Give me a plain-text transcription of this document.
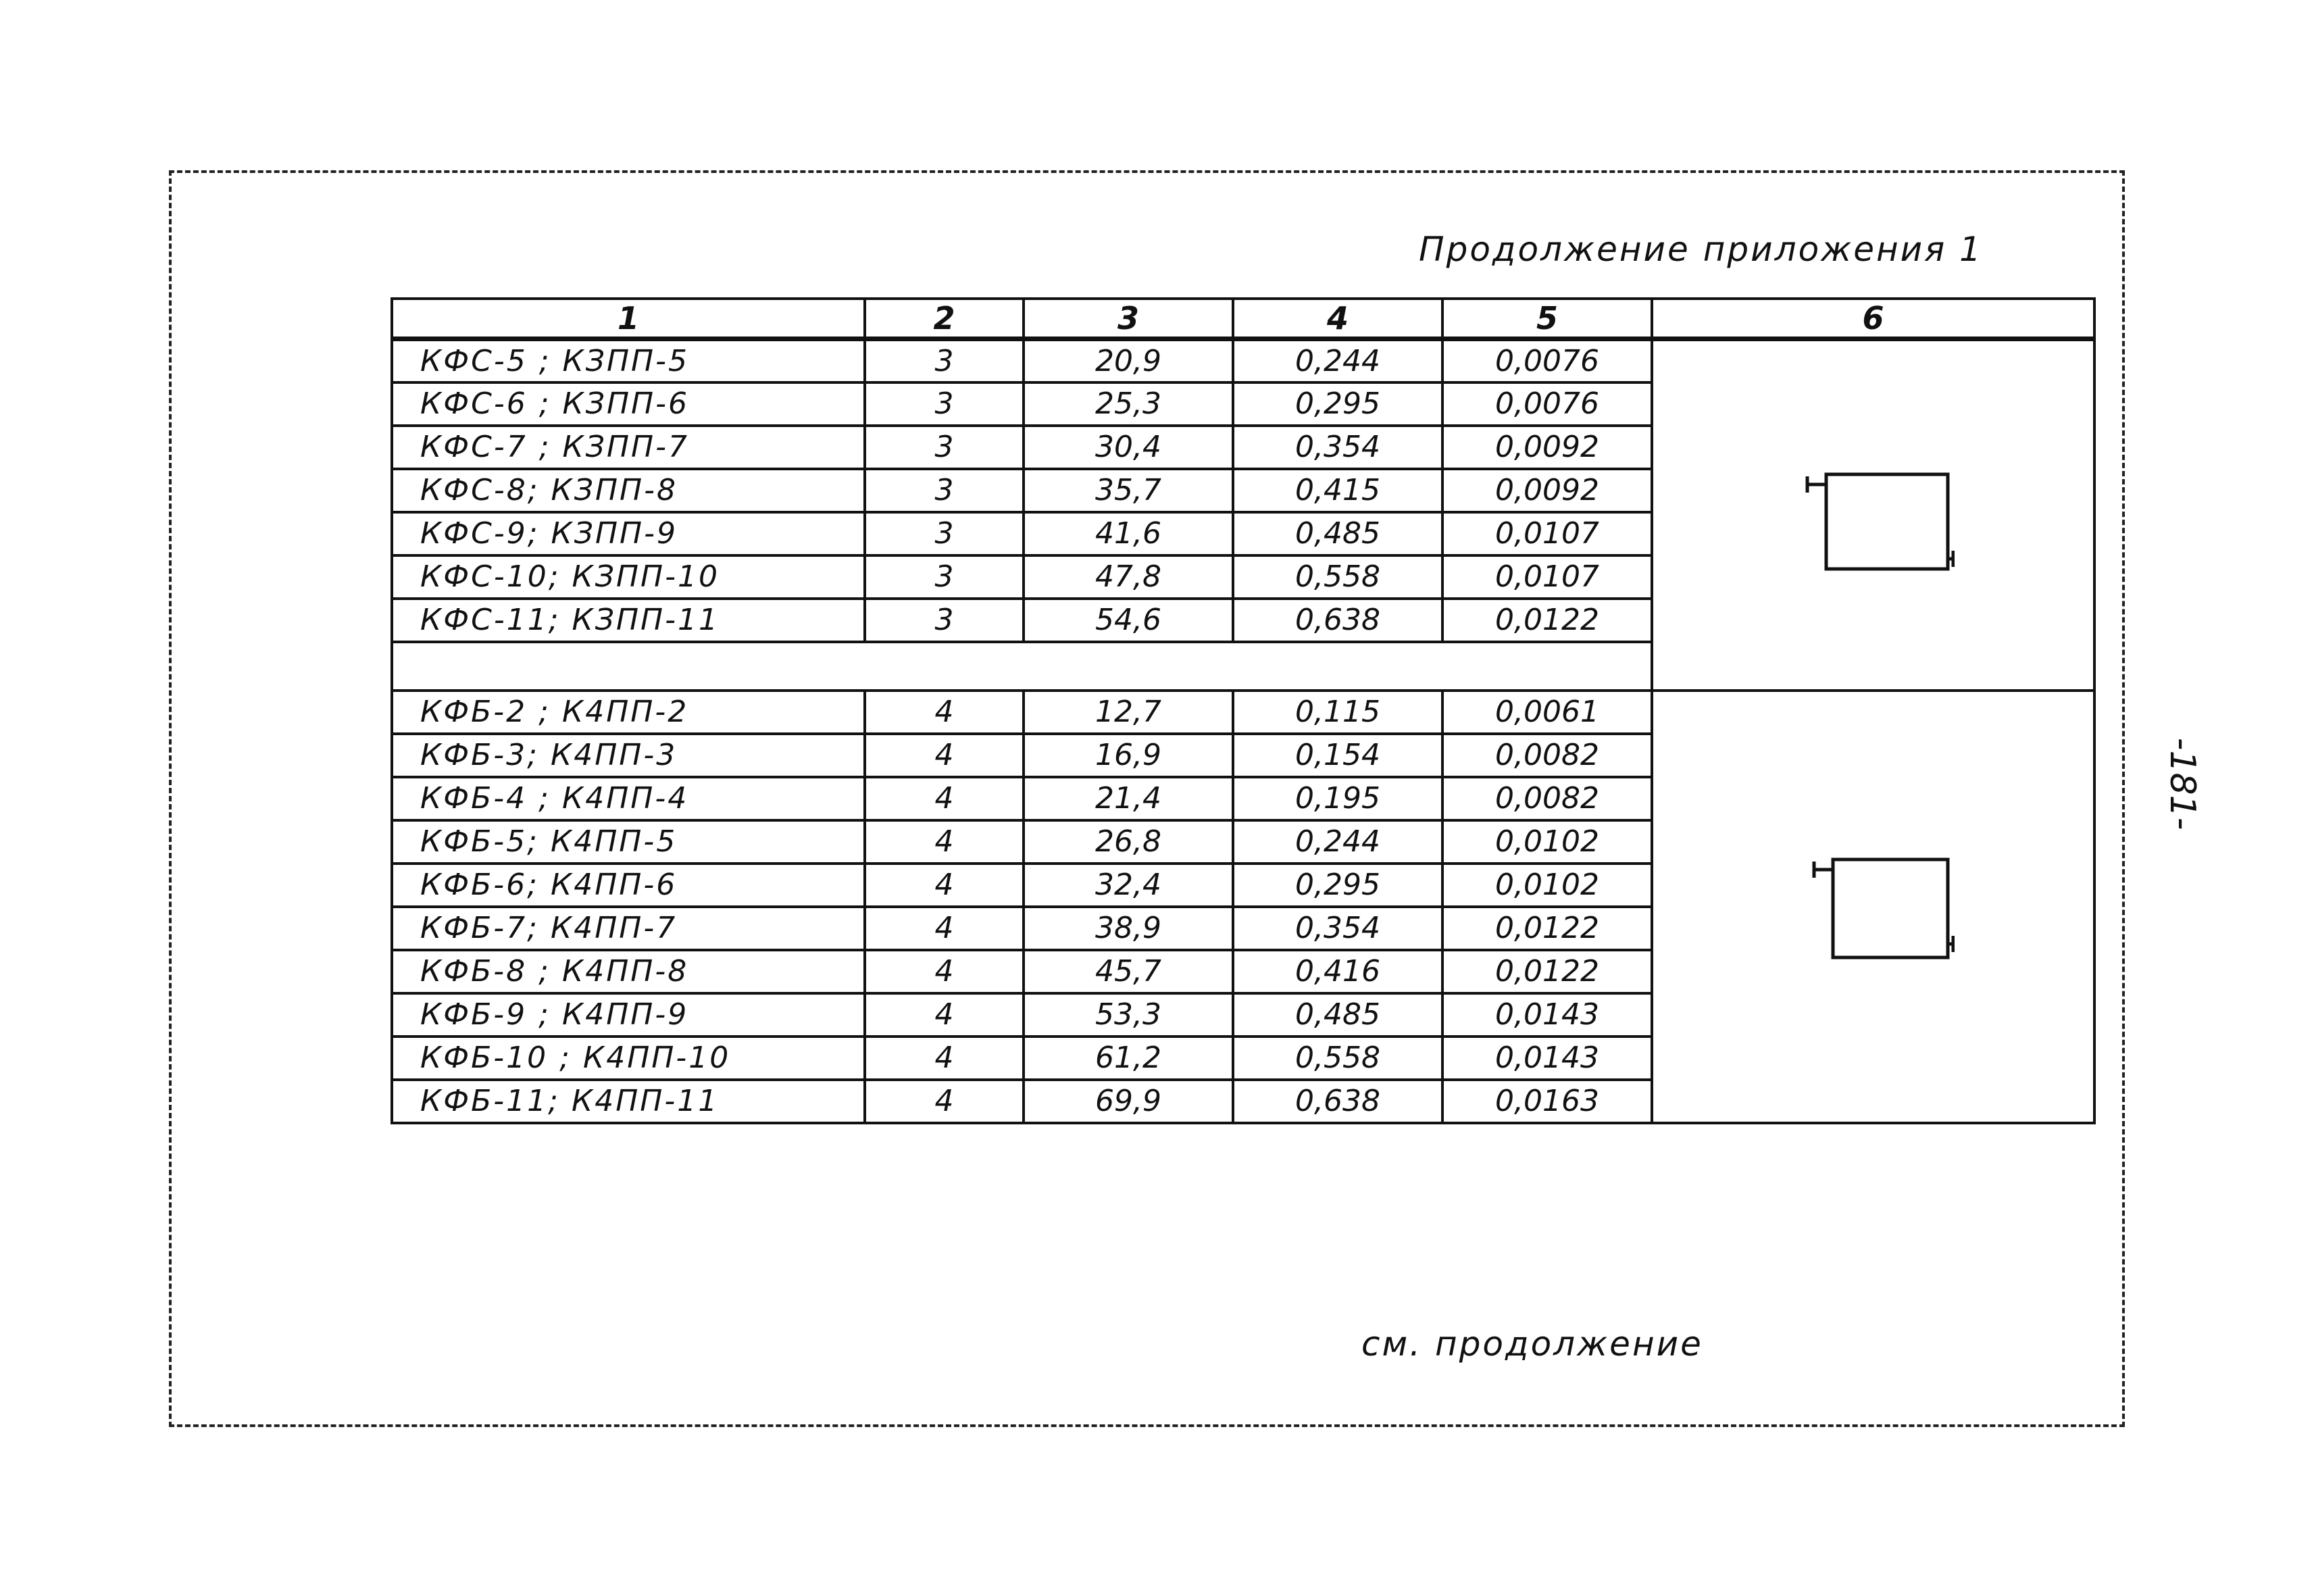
Продолжение приложения 1
-181-
1	2	3	4	5	6
КФС-5 ; КЗПП-5	3	20,9	0,244	0,0076	

КФС-6 ; КЗПП-6	3	25,3	0,295	0,0076	
КФС-7 ; КЗПП-7	3	30,4	0,354	0,0092	
КФС-8; КЗПП-8	3	35,7	0,415	0,0092	
КФС-9; КЗПП-9	3	41,6	0,485	0,0107	
КФС-10; КЗПП-10	3	47,8	0,558	0,0107	
КФС-11; КЗПП-11	3	54,6	0,638	0,0122	

КФБ-2 ; К4ПП-2	4	12,7	0,115	0,0061	

КФБ-3; К4ПП-3	4	16,9	0,154	0,0082	
КФБ-4 ; К4ПП-4	4	21,4	0,195	0,0082	
КФБ-5; К4ПП-5	4	26,8	0,244	0,0102	
КФБ-6; К4ПП-6	4	32,4	0,295	0,0102	
КФБ-7; К4ПП-7	4	38,9	0,354	0,0122	
КФБ-8 ; К4ПП-8	4	45,7	0,416	0,0122	
КФБ-9 ; К4ПП-9	4	53,3	0,485	0,0143	
КФБ-10 ; К4ПП-10	4	61,2	0,558	0,0143	
КФБ-11; К4ПП-11	4	69,9	0,638	0,0163	
см. продолжение
